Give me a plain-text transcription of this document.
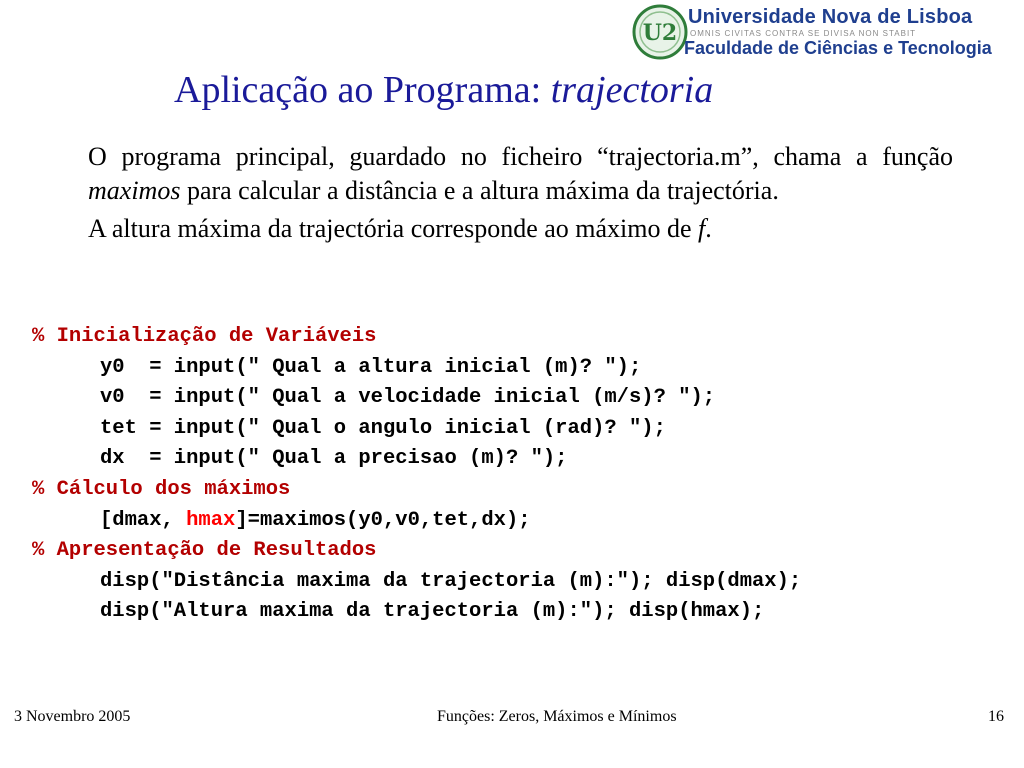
U2
Universidade Nova de Lisboa
OMNIS CIVITAS CONTRA SE DIVISA NON STABIT
Faculdade de Ciências e Tecnologia
Aplicação ao Programa: trajectoria

O programa principal, guardado no ficheiro “trajectoria.m”, chama a função maximos para calcular a distância e a altura máxima da trajectória.

A altura máxima da trajectória corresponde ao máximo de f.

% Inicialização de Variáveis
y0  = input(" Qual a altura inicial (m)? ");
v0  = input(" Qual a velocidade inicial (m/s)? ");
tet = input(" Qual o angulo inicial (rad)? ");
dx  = input(" Qual a precisao (m)? ");
% Cálculo dos máximos
[dmax, hmax]=maximos(y0,v0,tet,dx);
% Apresentação de Resultados
disp("Distância maxima da trajectoria (m):"); disp(dmax);
disp("Altura maxima da trajectoria (m):"); disp(hmax);
3 Novembro 2005	Funções: Zeros, Máximos e Mínimos	16
